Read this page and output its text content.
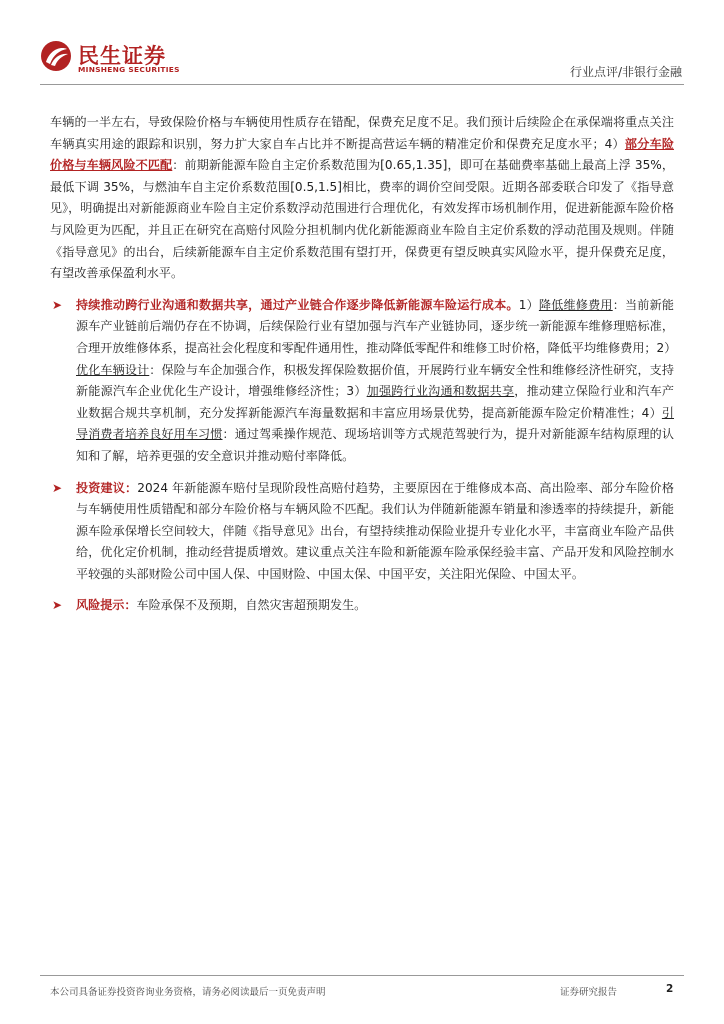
民生证券
MINSHENG SECURITIES	行业点评/非银行金融

车辆的一半左右，导致保险价格与车辆使用性质存在错配，保费充足度不足。我们预计后续险企在承保端将重点关注车辆真实用途的跟踪和识别，努力扩大家自车占比并不断提高营运车辆的精准定价和保费充足度水平；4）部分车险价格与车辆风险不匹配：前期新能源车险自主定价系数范围为[0.65,1.35]，即可在基础费率基础上最高上浮 35%，最低下调 35%，与燃油车自主定价系数范围[0.5,1.5]相比，费率的调价空间受限。近期各部委联合印发了《指导意见》，明确提出对新能源商业车险自主定价系数浮动范围进行合理优化，有效发挥市场机制作用，促进新能源车险价格与风险更为匹配，并且正在研究在高赔付风险分担机制内优化新能源商业车险自主定价系数的浮动范围及规则。伴随《指导意见》的出台，后续新能源车自主定价系数范围有望打开，保费更有望反映真实风险水平，提升保费充足度，有望改善承保盈利水平。

➤ 持续推动跨行业沟通和数据共享，通过产业链合作逐步降低新能源车险运行成本。1）降低维修费用：当前新能源车产业链前后端仍存在不协调，后续保险行业有望加强与汽车产业链协同，逐步统一新能源车维修理赔标准，合理开放维修体系，提高社会化程度和零配件通用性，推动降低零配件和维修工时价格，降低平均维修费用；2）优化车辆设计：保险与车企加强合作，积极发挥保险数据价值，开展跨行业车辆安全性和维修经济性研究，支持新能源汽车企业优化生产设计，增强维修经济性；3）加强跨行业沟通和数据共享，推动建立保险行业和汽车产业数据合规共享机制，充分发挥新能源汽车海量数据和丰富应用场景优势，提高新能源车险定价精准性；4）引导消费者培养良好用车习惯：通过驾乘操作规范、现场培训等方式规范驾驶行为，提升对新能源车结构原理的认知和了解，培养更强的安全意识并推动赔付率降低。

➤ 投资建议：2024 年新能源车赔付呈现阶段性高赔付趋势，主要原因在于维修成本高、高出险率、部分车险价格与车辆使用性质错配和部分车险价格与车辆风险不匹配。我们认为伴随新能源车销量和渗透率的持续提升，新能源车险承保增长空间较大，伴随《指导意见》出台，有望持续推动保险业提升专业化水平，丰富商业车险产品供给，优化定价机制，推动经营提质增效。建议重点关注车险和新能源车险承保经验丰富、产品开发和风险控制水平较强的头部财险公司中国人保、中国财险、中国太保、中国平安，关注阳光保险、中国太平。

➤ 风险提示：车险承保不及预期，自然灾害超预期发生。

本公司具备证券投资咨询业务资格，请务必阅读最后一页免责声明	证券研究报告	2
